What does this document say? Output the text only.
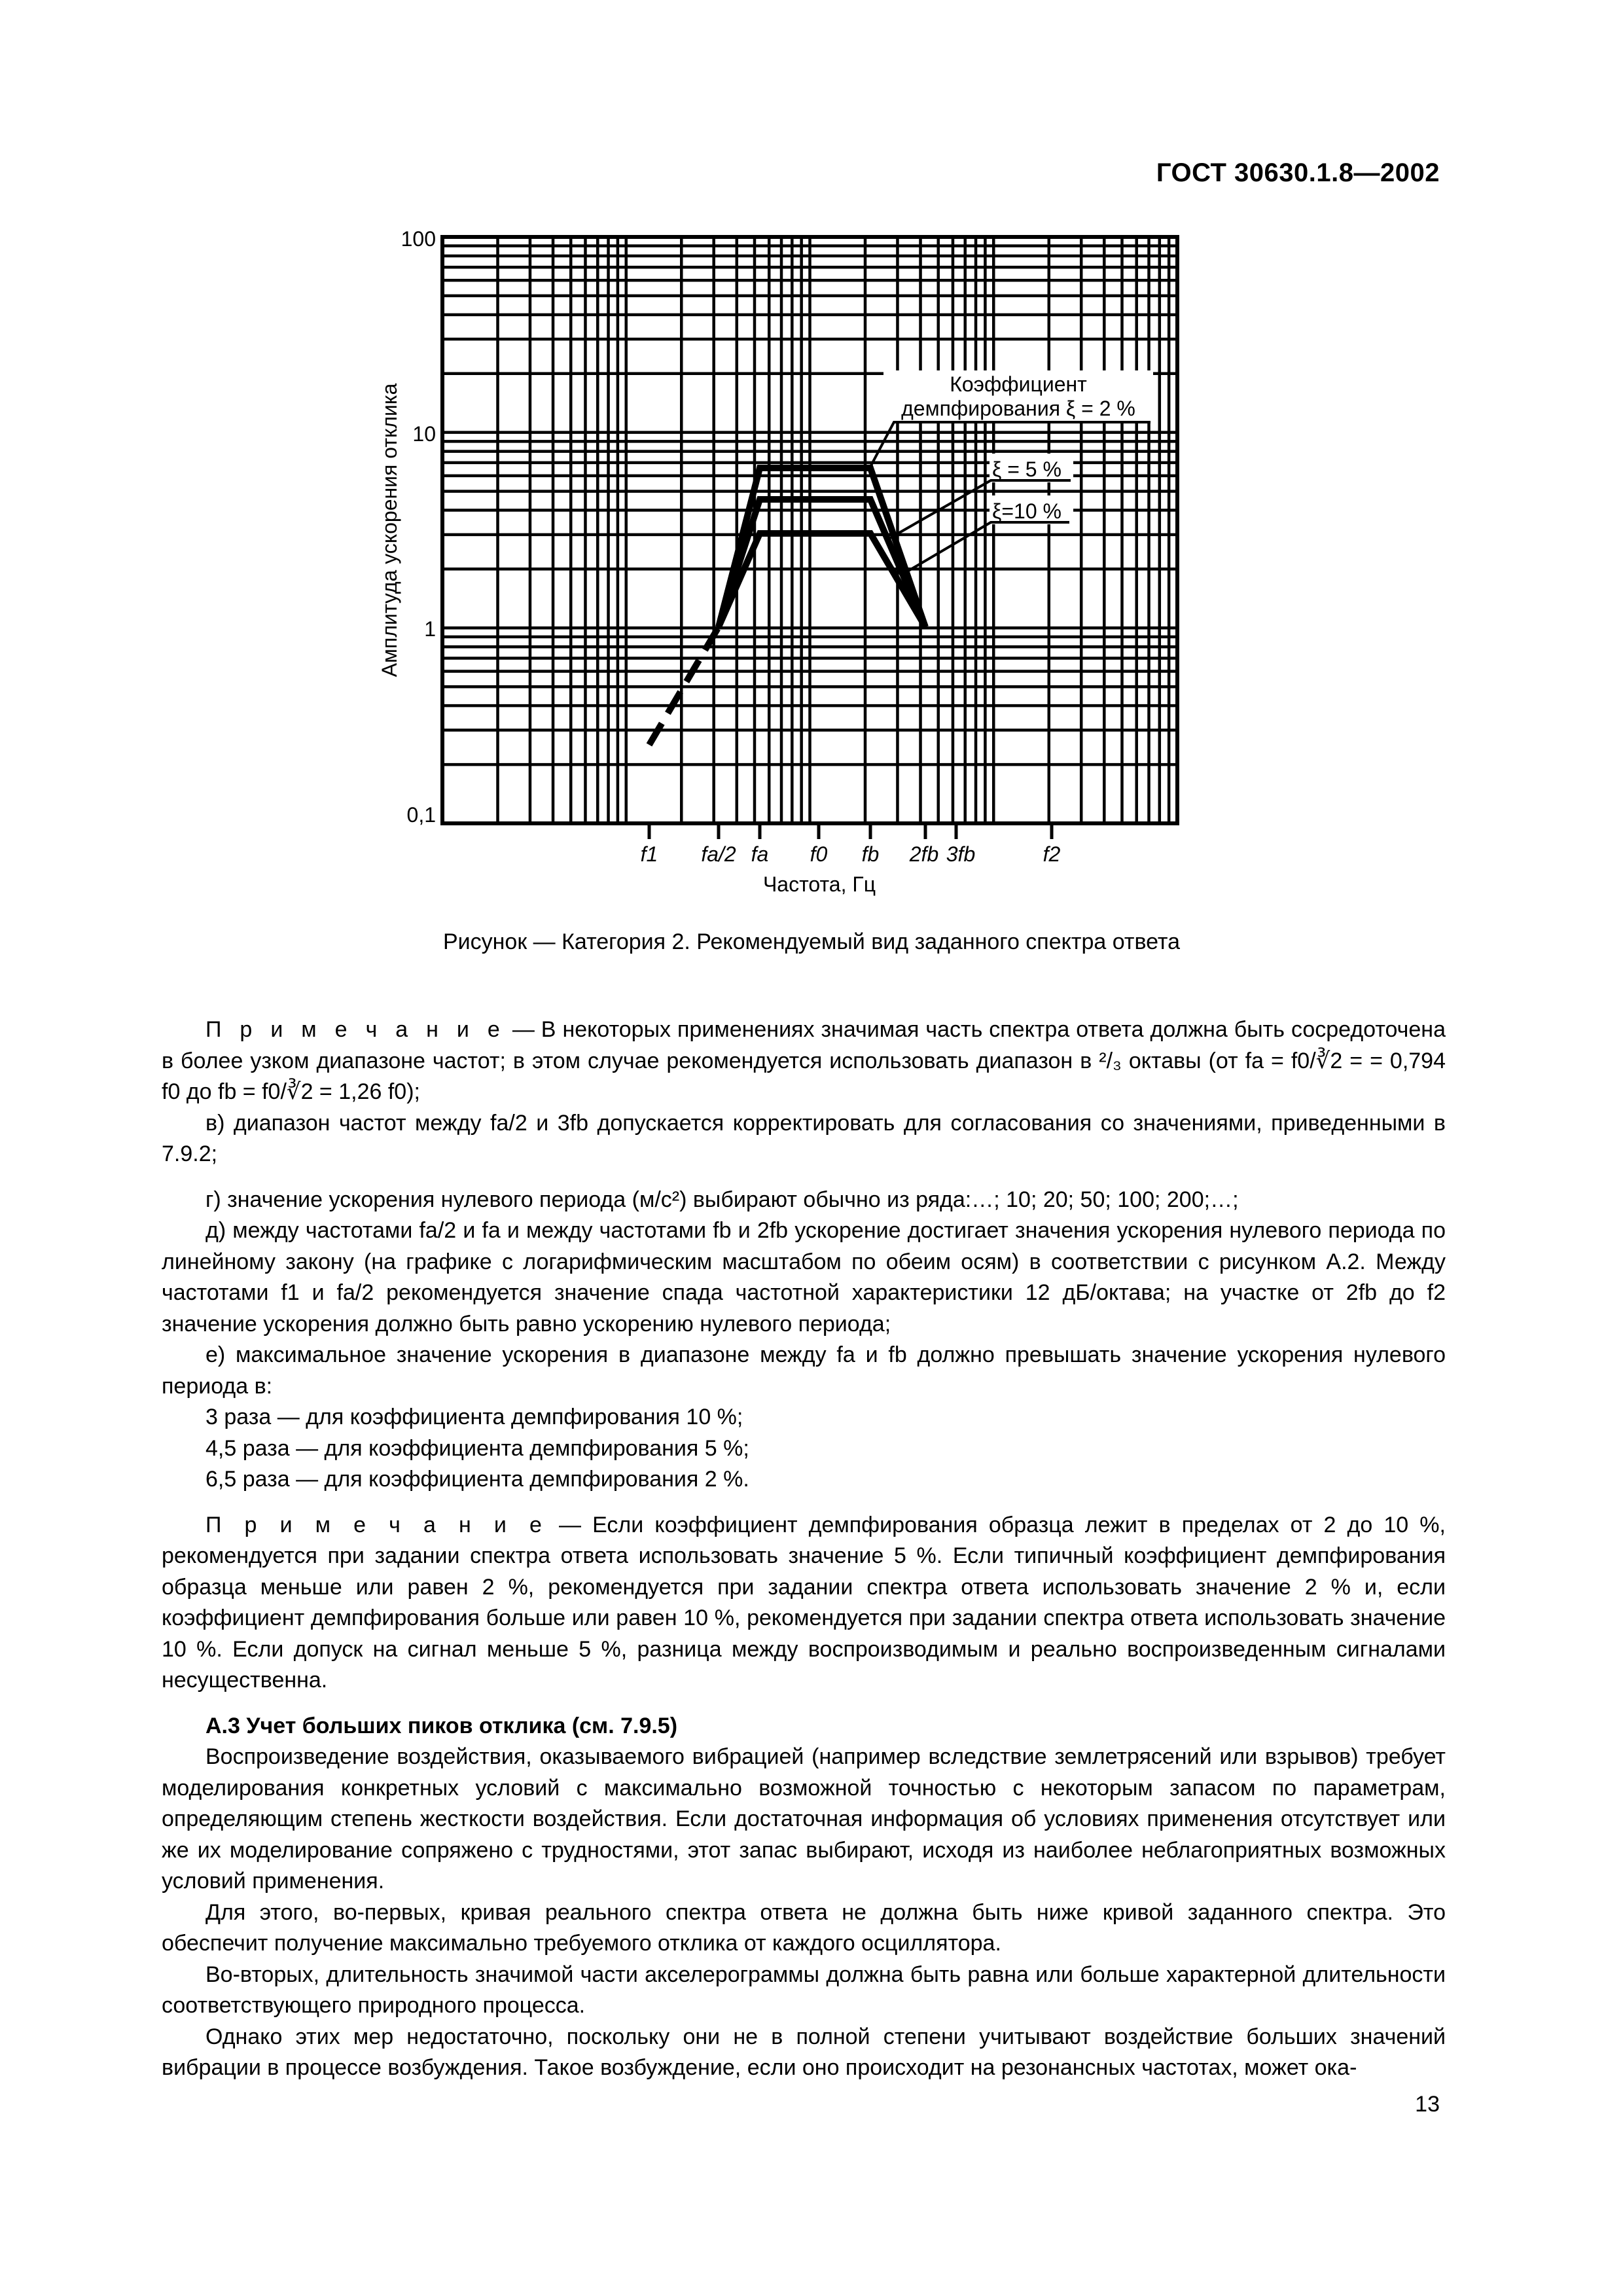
ГОСТ 30630.1.8—2002
Коэффициент
демпфирования ξ = 2 %
ξ = 5 %
ξ=10 %
100
10
1
0,1
Амплитуда ускорения отклика
f1 fa/2 fa f0 fb 2fb 3fb	f2
Частота, Гц
Рисунок — Категория 2. Рекомендуемый вид заданного спектра ответа

П р и м е ч а н и е — В некоторых применениях значимая часть спектра ответа должна быть сосредоточена в более узком диапазоне частот; в этом случае рекомендуется использовать диапазон в ²/₃ октавы (от fa = f0/∛2 = = 0,794 f0 до fb = f0/∛2 = 1,26 f0);

в) диапазон частот между fa/2 и 3fb допускается корректировать для согласования со значениями, приведенными в 7.9.2;

г) значение ускорения нулевого периода (м/с²) выбирают обычно из ряда:…; 10; 20; 50; 100; 200;…;

д) между частотами fa/2 и fa и между частотами fb и 2fb ускорение достигает значения ускорения нулевого периода по линейному закону (на графике с логарифмическим масштабом по обеим осям) в соответствии с рисунком А.2. Между частотами f1 и fa/2 рекомендуется значение спада частотной характеристики 12 дБ/октава; на участке от 2fb до f2 значение ускорения должно быть равно ускорению нулевого периода;

е) максимальное значение ускорения в диапазоне между fa и fb должно превышать значение ускорения нулевого периода в:

3 раза — для коэффициента демпфирования 10 %;

4,5 раза — для коэффициента демпфирования 5 %;

6,5 раза — для коэффициента демпфирования 2 %.

П р и м е ч а н и е — Если коэффициент демпфирования образца лежит в пределах от 2 до 10 %, рекомендуется при задании спектра ответа использовать значение 5 %. Если типичный коэффициент демпфирования образца меньше или равен 2 %, рекомендуется при задании спектра ответа использовать значение 2 % и, если коэффициент демпфирования больше или равен 10 %, рекомендуется при задании спектра ответа использовать значение 10 %. Если допуск на сигнал меньше 5 %, разница между воспроизводимым и реально воспроизведенным сигналами несущественна.

А.3 Учет больших пиков отклика (см. 7.9.5)

Воспроизведение воздействия, оказываемого вибрацией (например вследствие землетрясений или взрывов) требует моделирования конкретных условий с максимально возможной точностью с некоторым запасом по параметрам, определяющим степень жесткости воздействия. Если достаточная информация об условиях применения отсутствует или же их моделирование сопряжено с трудностями, этот запас выбирают, исходя из наиболее неблагоприятных возможных условий применения.

Для этого, во-первых, кривая реального спектра ответа не должна быть ниже кривой заданного спектра. Это обеспечит получение максимально требуемого отклика от каждого осциллятора.

Во-вторых, длительность значимой части акселерограммы должна быть равна или больше характерной длительности соответствующего природного процесса.

Однако этих мер недостаточно, поскольку они не в полной степени учитывают воздействие больших значений вибрации в процессе возбуждения. Такое возбуждение, если оно происходит на резонансных частотах, может ока-

13
